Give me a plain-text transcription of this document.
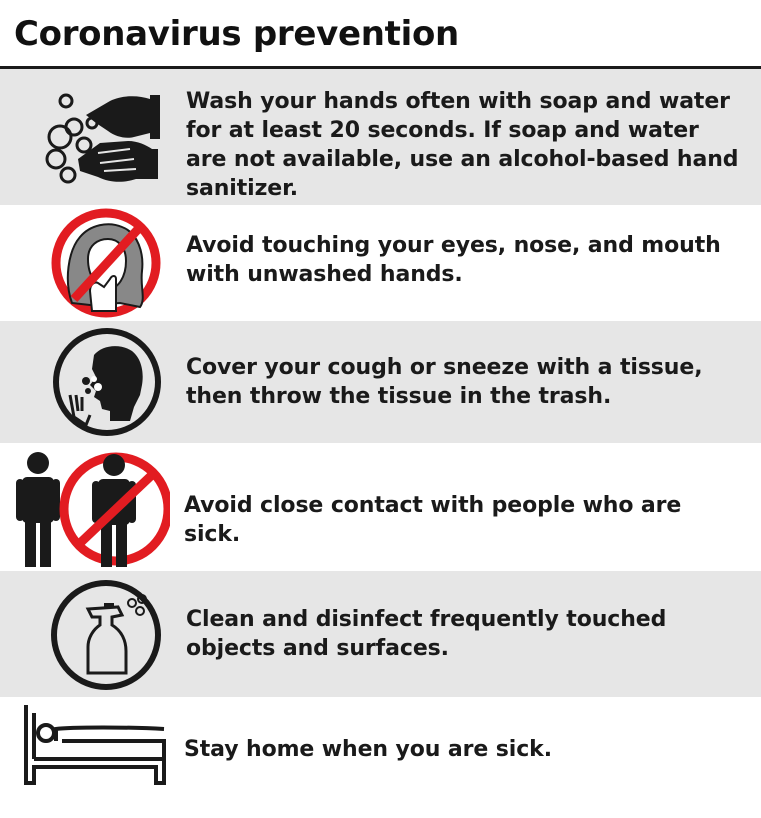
Coronavirus prevention
Wash your hands often with soap and water for at least 20 seconds. If soap and water are not available, use an alcohol-based hand sanitizer.
Avoid touching your eyes, nose, and mouth with unwashed hands.
Cover your cough or sneeze with a tissue, then throw the tissue in the trash.
Avoid close contact with people who are sick.
Clean and disinfect frequently touched objects and surfaces.
Stay home when you are sick.
